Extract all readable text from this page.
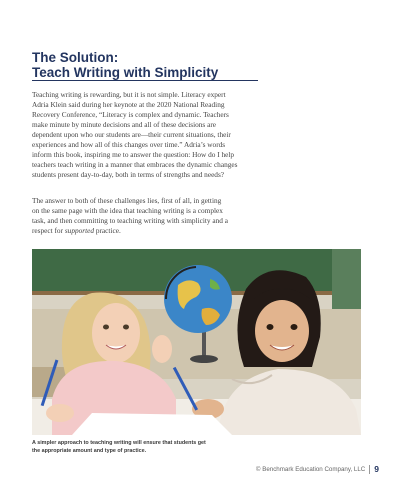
The Solution:
Teach Writing with Simplicity
Teaching writing is rewarding, but it is not simple. Literacy expert
Adria Klein said during her keynote at the 2020 National Reading
Recovery Conference, “Literacy is complex and dynamic. Teachers
make minute by minute decisions and all of these decisions are
dependent upon who our students are—their current situations, their
experiences and how all of this changes over time.” Adria’s words
inform this book, inspiring me to answer the question: How do I help
teachers teach writing in a manner that embraces the dynamic changes
students present day-to-day, both in terms of strengths and needs?
The answer to both of these challenges lies, first of all, in getting
on the same page with the idea that teaching writing is a complex
task, and then committing to teaching writing with simplicity and a
respect for supported practice.
A simpler approach to teaching writing will ensure that students get
the appropriate amount and type of practice.
© Benchmark Education Company, LLC 9
